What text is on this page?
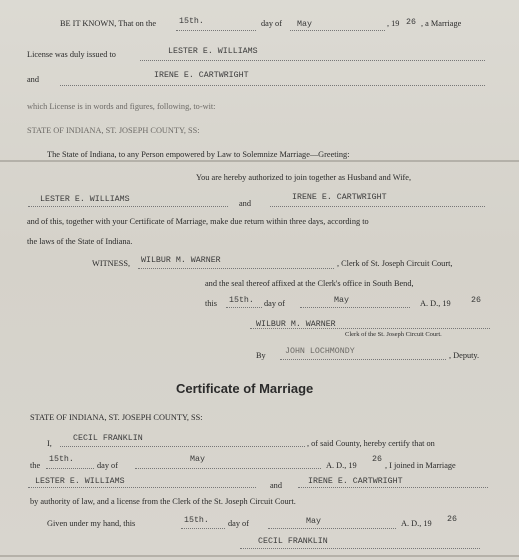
BE IT KNOWN, That on the	15th.	day of May	, 19 26 , a Marriage
License was duly issued to	LESTER E. WILLIAMS
and	IRENE E. CARTWRIGHT
which License is in words and figures, following, to-wit:
STATE OF INDIANA, ST. JOSEPH COUNTY, SS:
The State of Indiana, to any Person empowered by Law to Solemnize Marriage—Greeting:
You are hereby authorized to join together as Husband and Wife,
LESTER E. WILLIAMS	and
IRENE E. CARTWRIGHT
and of this, together with your Certificate of Marriage, make due return within three days, according to
the laws of the State of Indiana.
WITNESS, WILBUR M. WARNER	, Clerk of St. Joseph Circuit Court,
and the seal thereof affixed at the Clerk's office in South Bend,
this 15th. day of	May	A. D., 19 26
WILBUR M. WARNER
Clerk of the St. Joseph Circuit Court.
By JOHN LOCHMONDY	, Deputy.
Certificate of Marriage
STATE OF INDIANA, ST. JOSEPH COUNTY, SS:
I,
CECIL FRANKLIN
, of said County, hereby certify that on
the
15th.
day of
May
A. D., 19
26
, I joined in Marriage
LESTER E. WILLIAMS	and	IRENE E. CARTWRIGHT
by authority of law, and a license from the Clerk of the St. Joseph Circuit Court.
Given under my hand, this	15th. day of	May	A. D., 19 26
CECIL FRANKLIN
